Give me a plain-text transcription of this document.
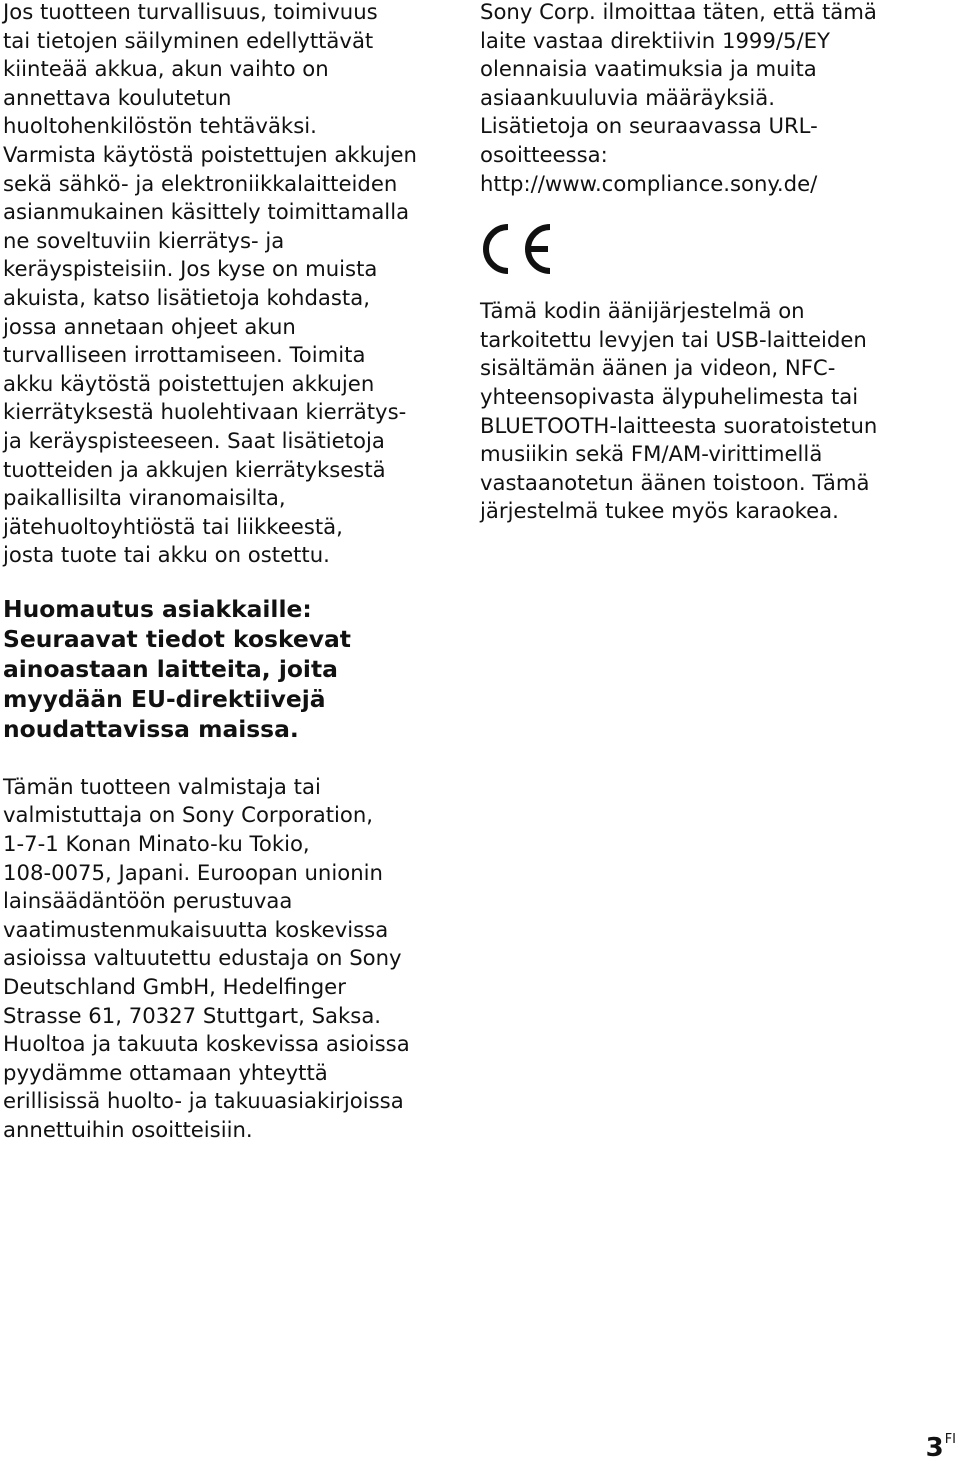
Jos tuotteen turvallisuus, toimivuus
tai tietojen säilyminen edellyttävät
kiinteää akkua, akun vaihto on
annettava koulutetun
huoltohenkilöstön tehtäväksi.
Varmista käytöstä poistettujen akkujen
sekä sähkö- ja elektroniikkalaitteiden
asianmukainen käsittely toimittamalla
ne soveltuviin kierrätys- ja
keräyspisteisiin. Jos kyse on muista
akuista, katso lisätietoja kohdasta,
jossa annetaan ohjeet akun
turvalliseen irrottamiseen. Toimita
akku käytöstä poistettujen akkujen
kierrätyksestä huolehtivaan kierrätys-
ja keräyspisteeseen. Saat lisätietoja
tuotteiden ja akkujen kierrätyksestä
paikallisilta viranomaisilta,
jätehuoltoyhtiöstä tai liikkeestä,
josta tuote tai akku on ostettu.

Huomautus asiakkaille:
Seuraavat tiedot koskevat
ainoastaan laitteita, joita
myydään EU-direktiivejä
noudattavissa maissa.

Tämän tuotteen valmistaja tai
valmistuttaja on Sony Corporation,
1-7-1 Konan Minato-ku Tokio,
108-0075, Japani. Euroopan unionin
lainsäädäntöön perustuvaa
vaatimustenmukaisuutta koskevissa
asioissa valtuutettu edustaja on Sony
Deutschland GmbH, Hedelfinger
Strasse 61, 70327 Stuttgart, Saksa.
Huoltoa ja takuuta koskevissa asioissa
pyydämme ottamaan yhteyttä
erillisissä huolto- ja takuuasiakirjoissa
annettuihin osoitteisiin.

Sony Corp. ilmoittaa täten, että tämä
laite vastaa direktiivin 1999/5/EY
olennaisia vaatimuksia ja muita
asiaankuuluvia määräyksiä.
Lisätietoja on seuraavassa URL-
osoitteessa:
http://www.compliance.sony.de/

Tämä kodin äänijärjestelmä on
tarkoitettu levyjen tai USB-laitteiden
sisältämän äänen ja videon, NFC-
yhteensopivasta älypuhelimesta tai
BLUETOOTH-laitteesta suoratoistetun
musiikin sekä FM/AM-virittimellä
vastaanotetun äänen toistoon. Tämä
järjestelmä tukee myös karaokea.

$3^{FI}$
